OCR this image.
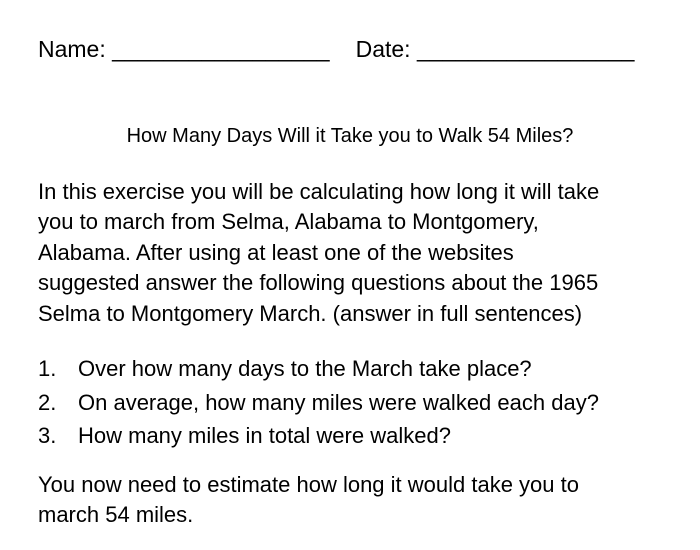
Name: _________________ Date: _________________
How Many Days Will it Take you to Walk 54 Miles?

In this exercise you will be calculating how long it will take
you to march from Selma, Alabama to Montgomery,
Alabama. After using at least one of the websites
suggested answer the following questions about the 1965
Selma to Montgomery March. (answer in full sentences)

1. Over how many days to the March take place?
2. On average, how many miles were walked each day?
3. How many miles in total were walked?

You now need to estimate how long it would take you to
march 54 miles.
